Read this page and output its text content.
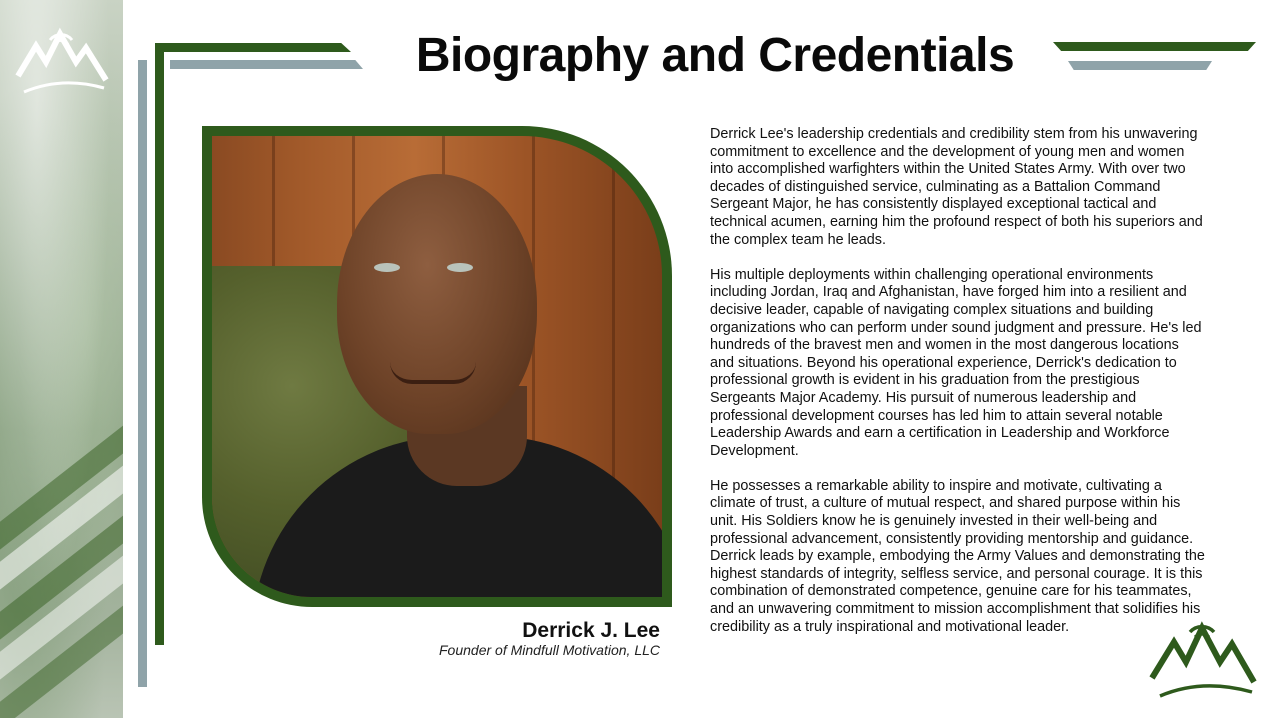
Biography and Credentials
Derrick J. Lee
Founder of Mindfull Motivation, LLC

Derrick Lee's leadership credentials and credibility stem from his unwavering commitment to excellence and the development of young men and women into accomplished warfighters within the United States Army. With over two decades of distinguished service, culminating as a Battalion Command Sergeant Major, he has consistently displayed exceptional tactical and technical acumen, earning him the profound respect of both his superiors and the complex team he leads.

His multiple deployments within challenging operational environments including Jordan, Iraq and Afghanistan, have forged him into a resilient and decisive leader, capable of navigating complex situations and building organizations who can perform under sound judgment and pressure. He's led hundreds of the bravest men and women in the most dangerous locations and situations. Beyond his operational experience, Derrick's dedication to professional growth is evident in his graduation from the prestigious Sergeants Major Academy. His pursuit of numerous leadership and professional development courses has led him to attain several notable Leadership Awards and earn a certification in Leadership and Workforce Development.

He possesses a remarkable ability to inspire and motivate, cultivating a climate of trust, a culture of mutual respect, and shared purpose within his unit. His Soldiers know he is genuinely invested in their well-being and professional advancement, consistently providing mentorship and guidance. Derrick leads by example, embodying the Army Values and demonstrating the highest standards of integrity, selfless service, and personal courage. It is this combination of demonstrated competence, genuine care for his teammates, and an unwavering commitment to mission accomplishment that solidifies his credibility as a truly inspirational and motivational leader.
